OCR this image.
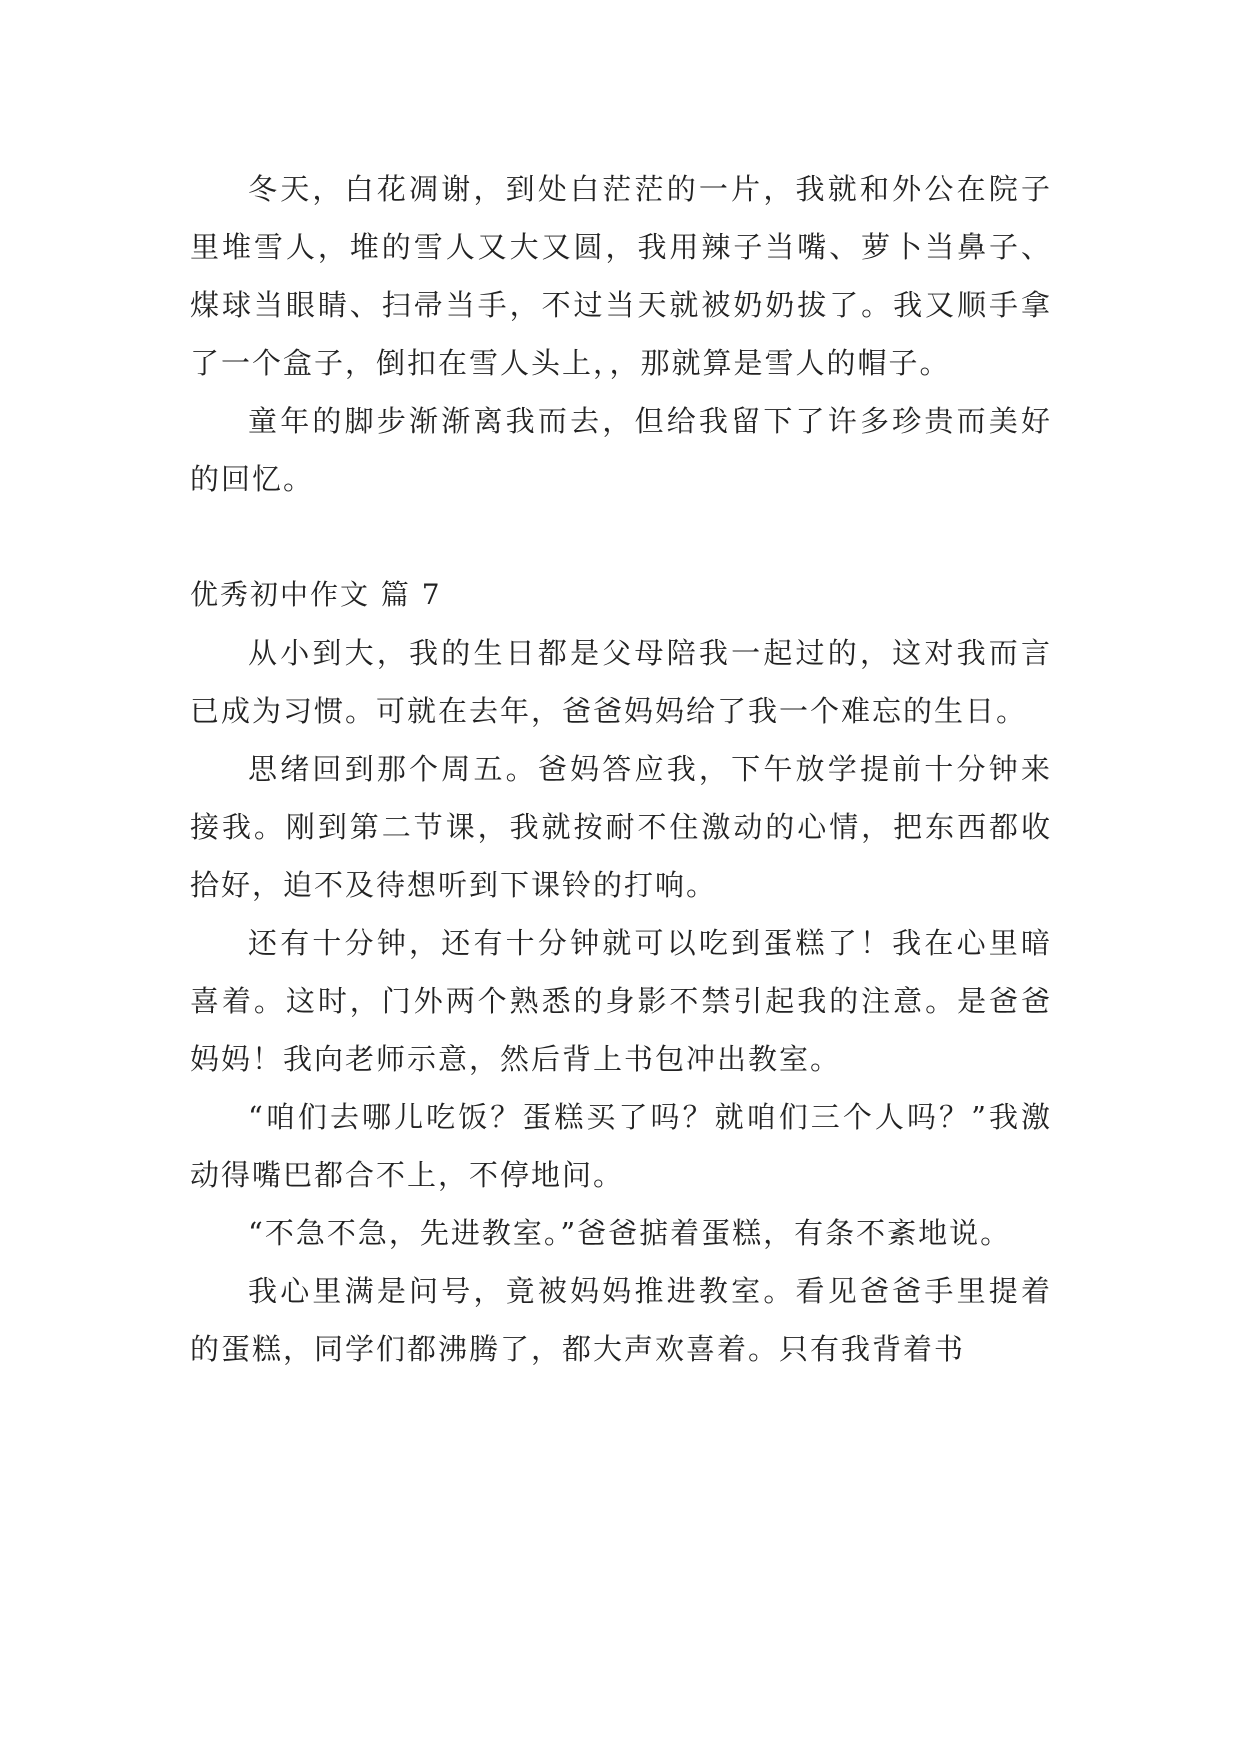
冬天，白花凋谢，到处白茫茫的一片，我就和外公在院子里堆雪人，堆的雪人又大又圆，我用辣子当嘴、萝卜当鼻子、煤球当眼睛、扫帚当手，不过当天就被奶奶拔了。我又顺手拿了一个盒子，倒扣在雪人头上，，那就算是雪人的帽子。

童年的脚步渐渐离我而去，但给我留下了许多珍贵而美好的回忆。

优秀初中作文 篇 7

从小到大，我的生日都是父母陪我一起过的，这对我而言已成为习惯。可就在去年，爸爸妈妈给了我一个难忘的生日。

思绪回到那个周五。爸妈答应我，下午放学提前十分钟来接我。刚到第二节课，我就按耐不住激动的心情，把东西都收拾好，迫不及待想听到下课铃的打响。

还有十分钟，还有十分钟就可以吃到蛋糕了！我在心里暗喜着。这时，门外两个熟悉的身影不禁引起我的注意。是爸爸妈妈！我向老师示意，然后背上书包冲出教室。

“咱们去哪儿吃饭？蛋糕买了吗？就咱们三个人吗？”我激动得嘴巴都合不上，不停地问。

“不急不急，先进教室。”爸爸掂着蛋糕，有条不紊地说。

我心里满是问号，竟被妈妈推进教室。看见爸爸手里提着的蛋糕，同学们都沸腾了，都大声欢喜着。只有我背着书
